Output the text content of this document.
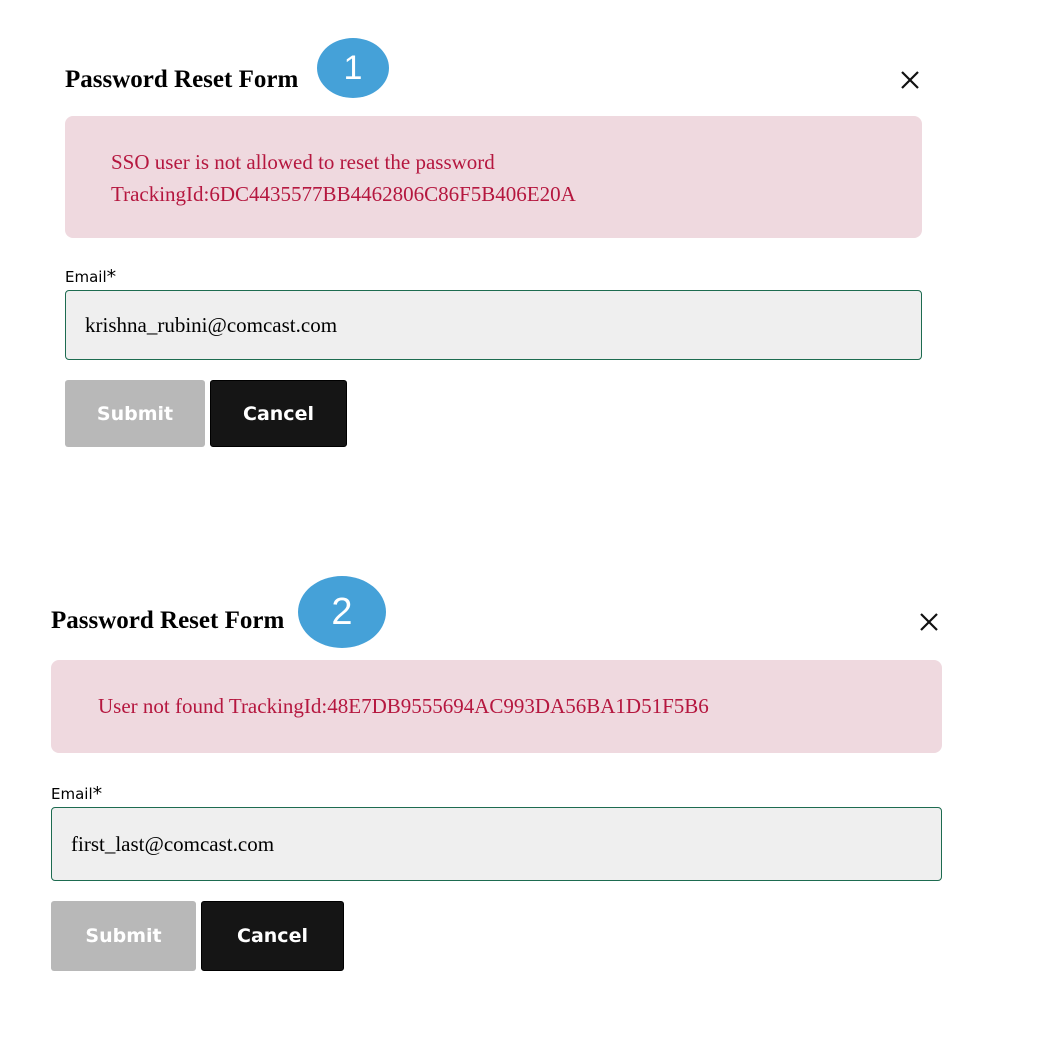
Password Reset Form	1
SSO user is not allowed to reset the password
TrackingId:6DC4435577BB4462806C86F5B406E20A
Email*
krishna_rubini@comcast.com
Submit	Cancel
Password Reset Form	2
User not found TrackingId:48E7DB9555694AC993DA56BA1D51F5B6
Email*
first_last@comcast.com
Submit	Cancel
